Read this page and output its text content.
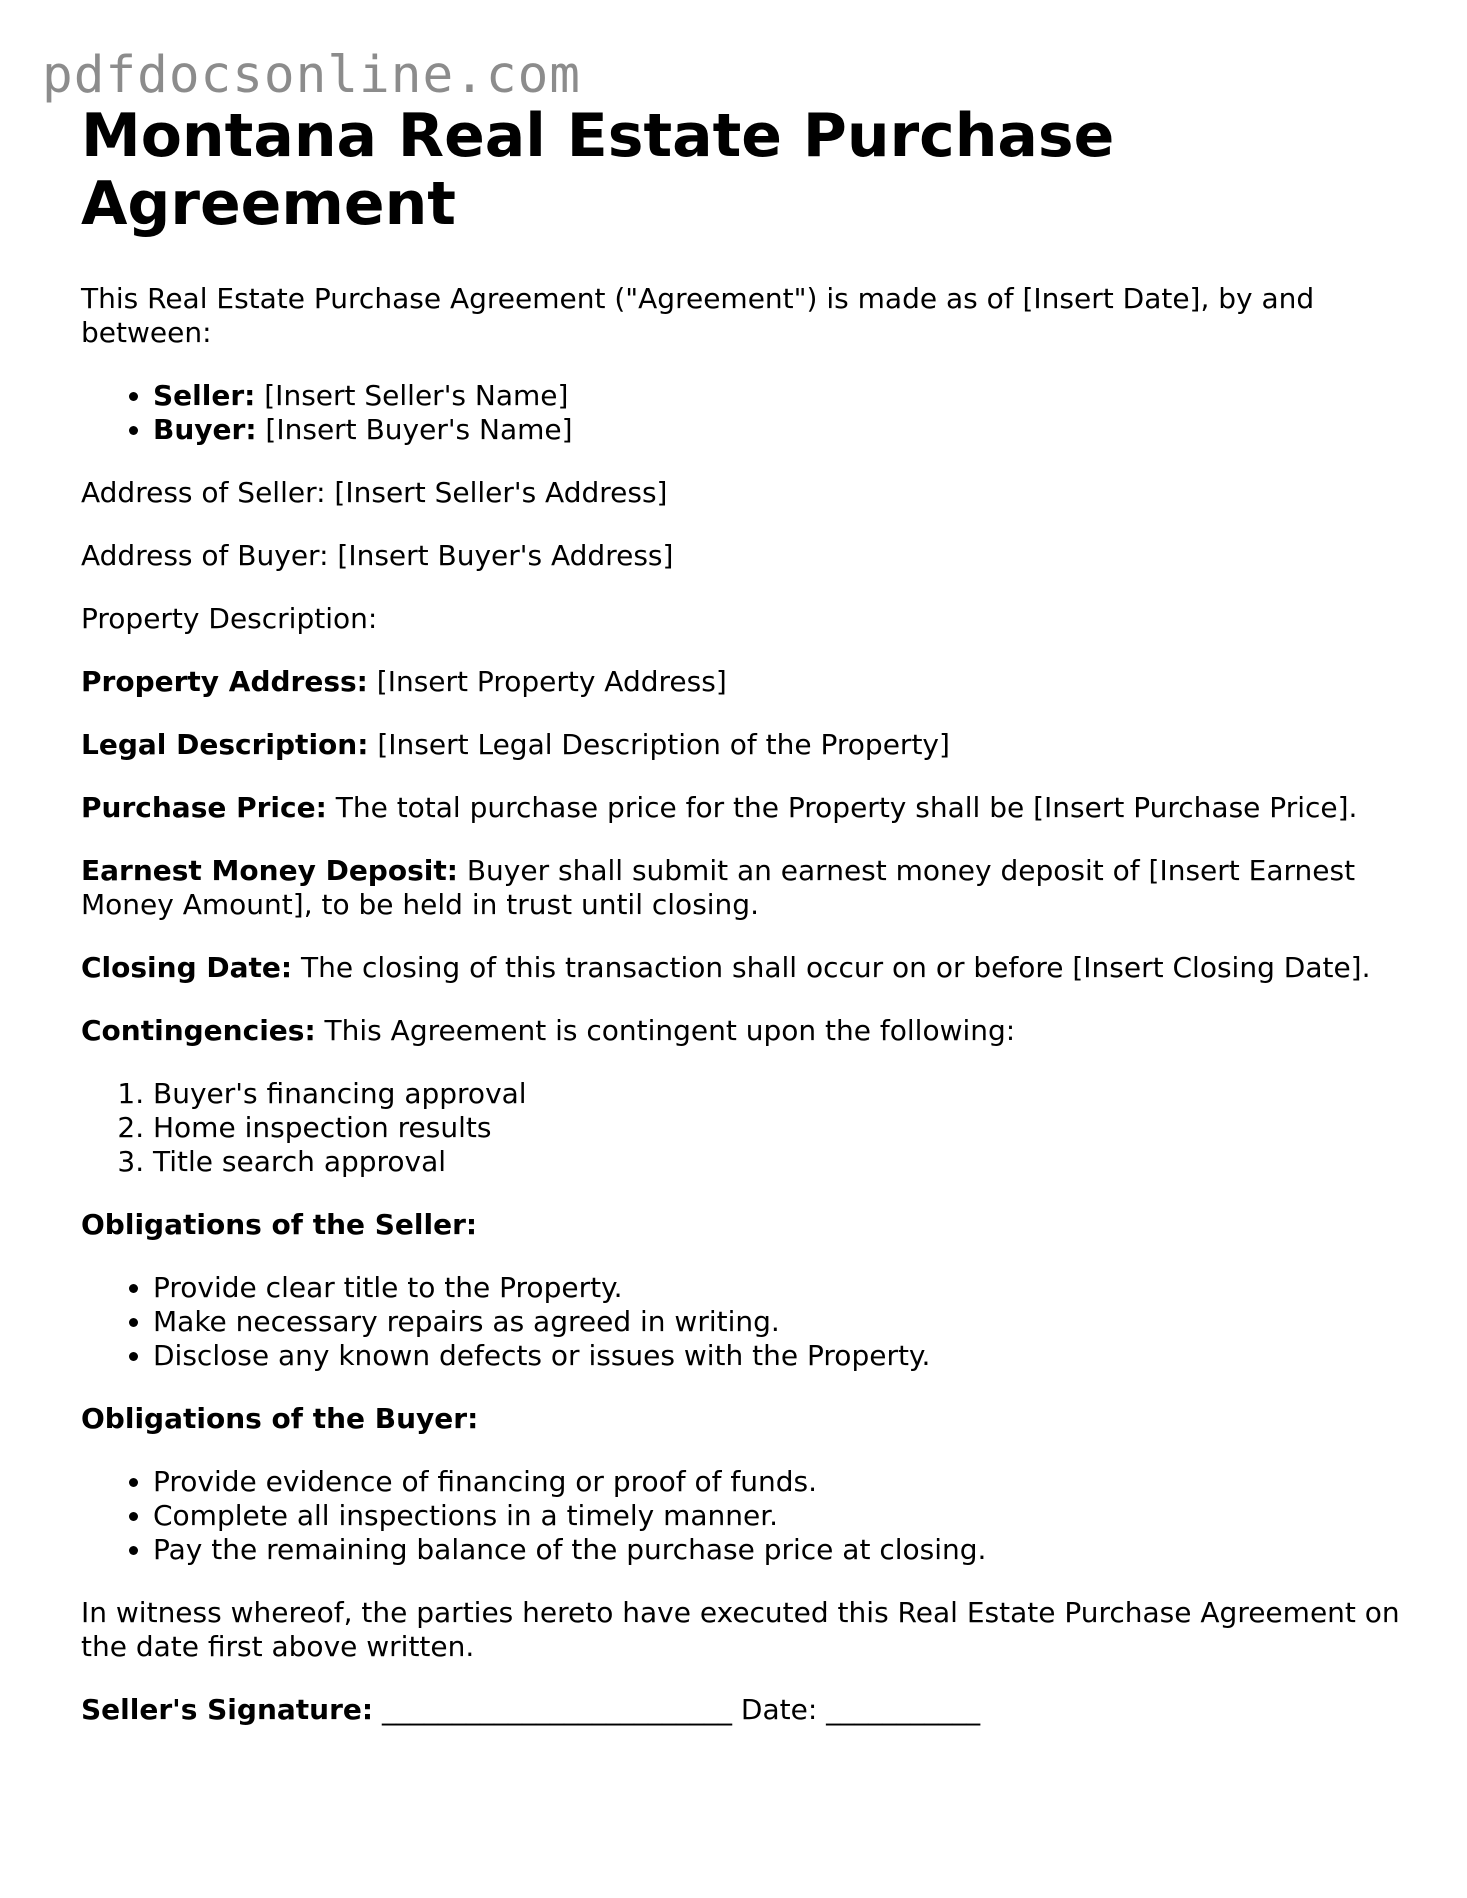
pdfdocsonline.com
Montana Real Estate Purchase Agreement

This Real Estate Purchase Agreement ("Agreement") is made as of [Insert Date], by and between:

• Seller: [Insert Seller's Name]
• Buyer: [Insert Buyer's Name]

Address of Seller: [Insert Seller's Address]

Address of Buyer: [Insert Buyer's Address]

Property Description:

Property Address: [Insert Property Address]

Legal Description: [Insert Legal Description of the Property]

Purchase Price: The total purchase price for the Property shall be [Insert Purchase Price].

Earnest Money Deposit: Buyer shall submit an earnest money deposit of [Insert Earnest Money Amount], to be held in trust until closing.

Closing Date: The closing of this transaction shall occur on or before [Insert Closing Date].

Contingencies: This Agreement is contingent upon the following:

1. Buyer's financing approval
2. Home inspection results
3. Title search approval

Obligations of the Seller:

• Provide clear title to the Property.
• Make necessary repairs as agreed in writing.
• Disclose any known defects or issues with the Property.

Obligations of the Buyer:

• Provide evidence of financing or proof of funds.
• Complete all inspections in a timely manner.
• Pay the remaining balance of the purchase price at closing.

In witness whereof, the parties hereto have executed this Real Estate Purchase Agreement on the date first above written.

Seller's Signature: _________________________ Date: ___________
